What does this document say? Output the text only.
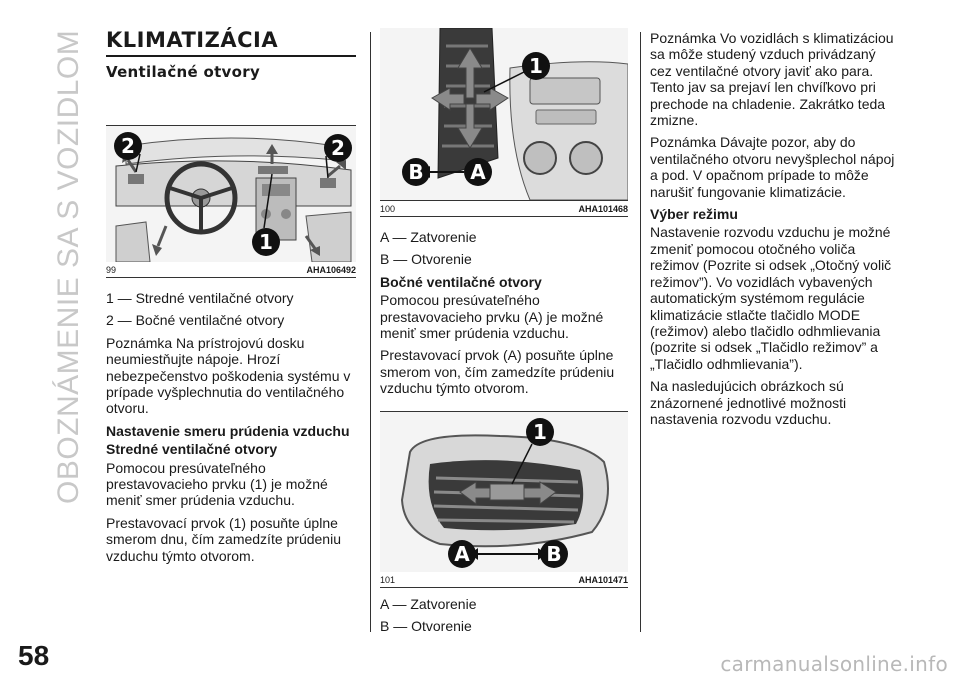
OBOZNÁMENIE SA S VOZIDLOM
58	carmanualsonline.info
KLIMATIZÁCIA
Ventilačné otvory
2	2
1
99	AHA106492

1 — Stredné ventilačné otvory

2 — Bočné ventilačné otvory

Poznámka Na prístrojovú dosku neumiestňujte nápoje. Hrozí nebezpečenstvo poškodenia systému v prípade vyšplechnutia do ventilačného otvoru.

Nastavenie smeru prúdenia vzduchu
Stredné ventilačné otvory

Pomocou presúvateľného prestavovacieho prvku (1) je možné meniť smer prúdenia vzduchu.

Prestavovací prvok (1) posuňte úplne smerom dnu, čím zamedzíte prúdeniu vzduchu týmto otvorom.

1
B A
100	AHA101468

A — Zatvorenie

B — Otvorenie

Bočné ventilačné otvory

Pomocou presúvateľného prestavovacieho prvku (A) je možné meniť smer prúdenia vzduchu.

Prestavovací prvok (A) posuňte úplne smerom von, čím zamedzíte prúdeniu vzduchu týmto otvorom.

1
A	B
101	AHA101471

A — Zatvorenie

B — Otvorenie

Poznámka Vo vozidlách s klimatizáciou sa môže studený vzduch privádzaný cez ventilačné otvory javiť ako para. Tento jav sa prejaví len chvíľkovo pri prechode na chladenie. Zakrátko teda zmizne.

Poznámka Dávajte pozor, aby do ventilačného otvoru nevyšplechol nápoj a pod. V opačnom prípade to môže narušiť fungovanie klimatizácie.

Výber režimu

Nastavenie rozvodu vzduchu je možné zmeniť pomocou otočného voliča režimov (Pozrite si odsek „Otočný volič režimov”). Vo vozidlách vybavených automatickým systémom regulácie klimatizácie stlačte tlačidlo MODE (režimov) alebo tlačidlo odhmlievania (pozrite si odsek „Tlačidlo režimov” a „Tlačidlo odhmlievania”).

Na nasledujúcich obrázkoch sú znázornené jednotlivé možnosti nastavenia rozvodu vzduchu.
